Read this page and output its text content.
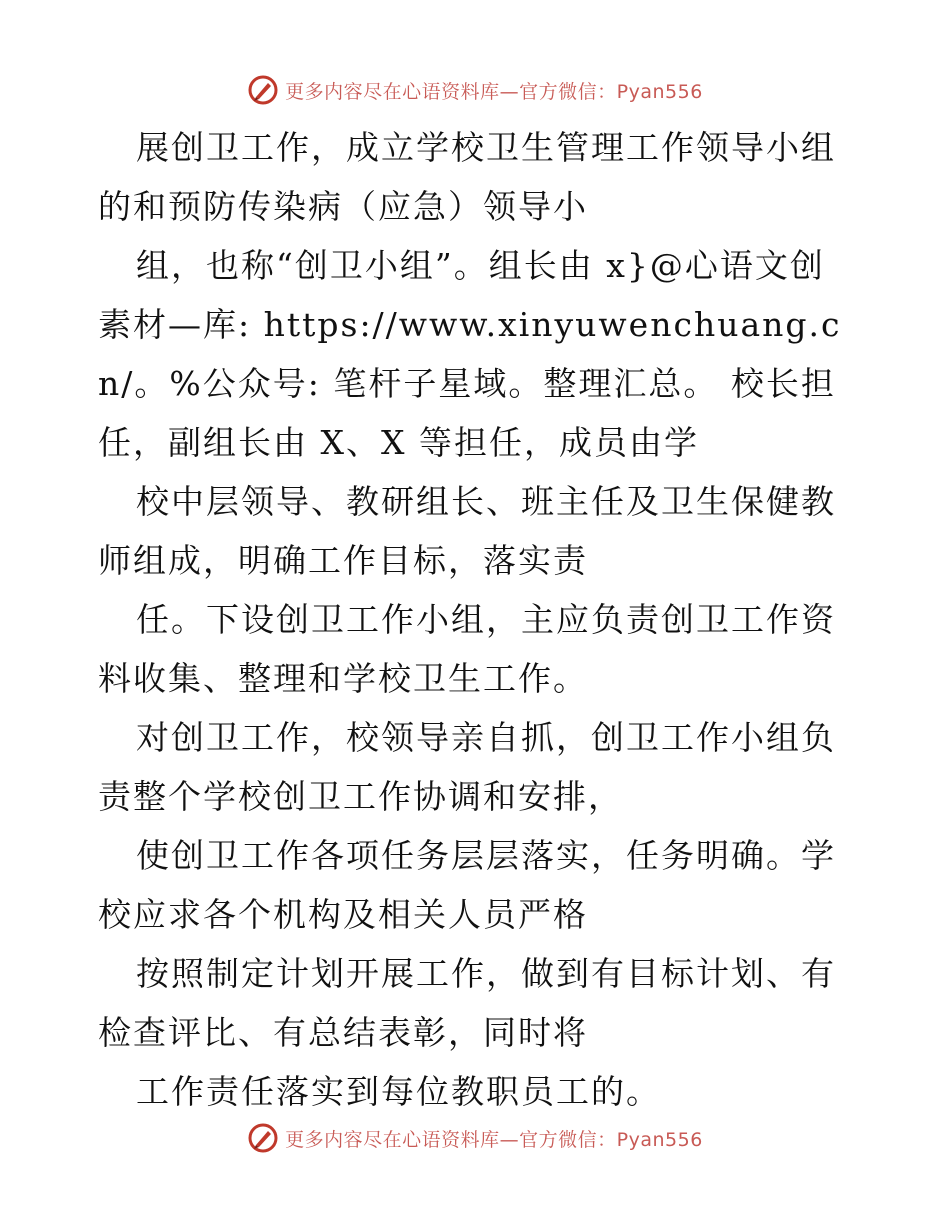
更多内容尽在心语资料库—官方微信：Pyan556

展创卫工作，成立学校卫生管理工作领导小组的和预防传染病（应急）领导小

组，也称“创卫小组”。组长由 x}@心语文创素材—库: https://www.xinyuwenchuang.cn/。%公众号: 笔杆子星域。整理汇总。 校长担任，副组长由 X、X 等担任，成员由学

校中层领导、教研组长、班主任及卫生保健教师组成，明确工作目标，落实责

任。下设创卫工作小组，主应负责创卫工作资料收集、整理和学校卫生工作。

对创卫工作，校领导亲自抓，创卫工作小组负责整个学校创卫工作协调和安排，

使创卫工作各项任务层层落实，任务明确。学校应求各个机构及相关人员严格

按照制定计划开展工作，做到有目标计划、有检查评比、有总结表彰，同时将

工作责任落实到每位教职员工的。

更多内容尽在心语资料库—官方微信：Pyan556
